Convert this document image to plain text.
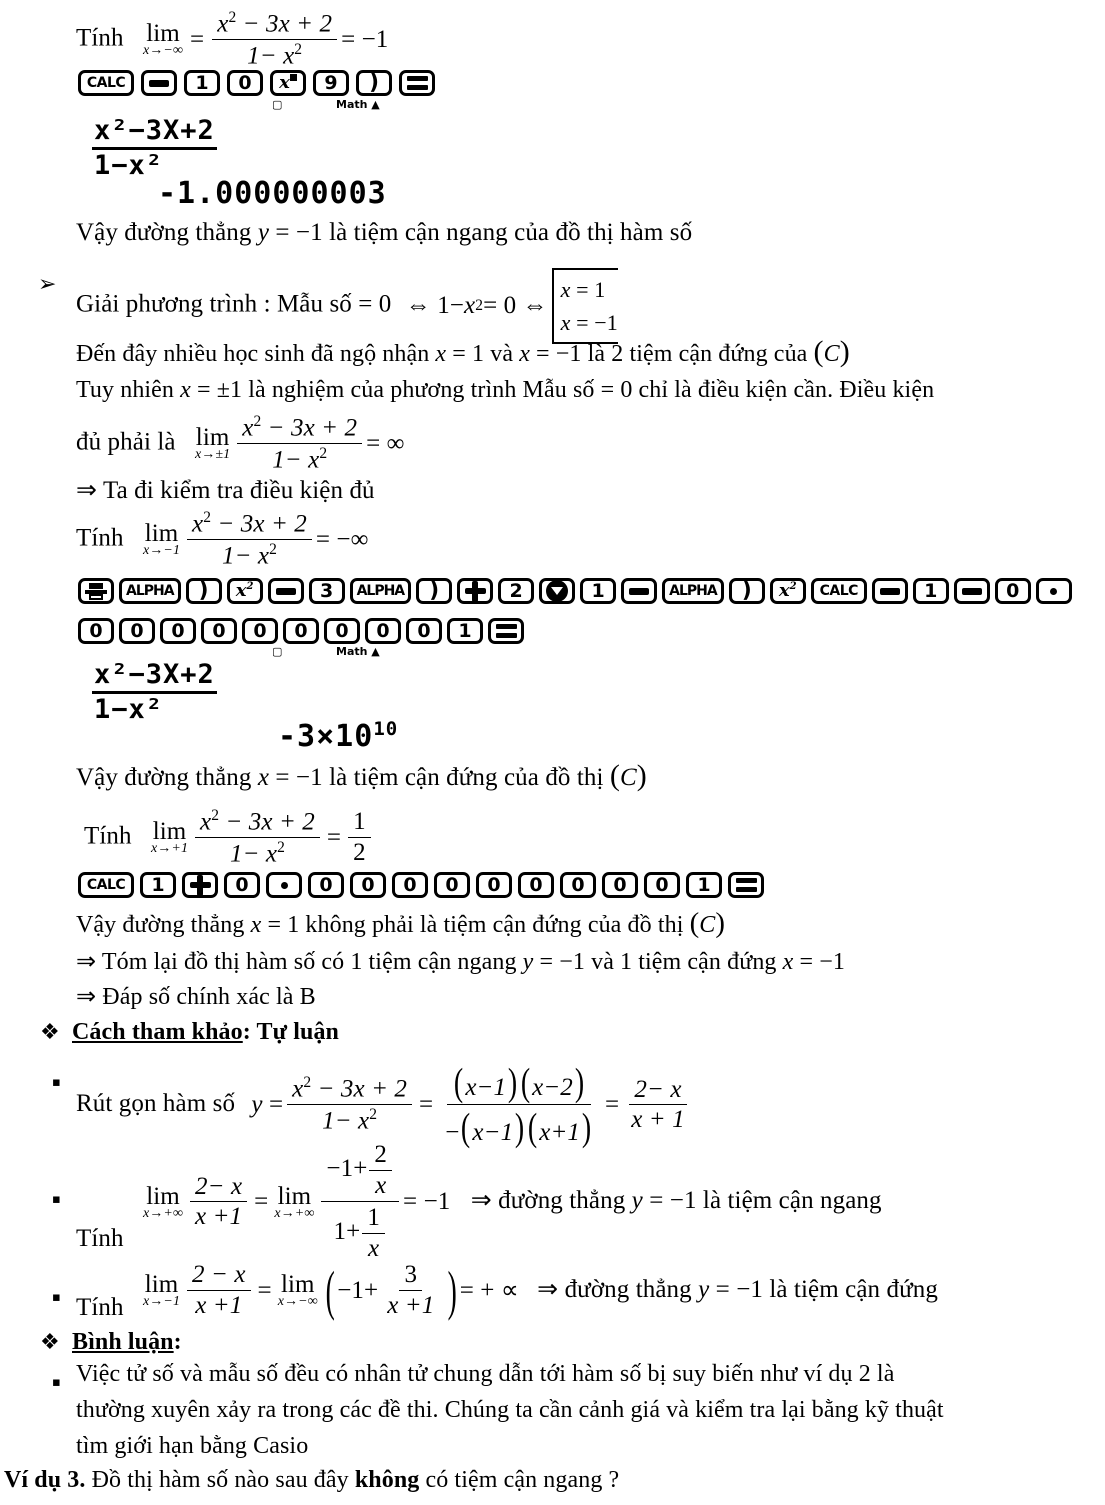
Tính lim
$x\to-\infty = \frac{x^2 - 3x + 2}{1- x^2} = -1$
CALC	1	0	x	9	)
▢	Math ▲
$\frac{\text{x²−3X+2}}{\text{1−x²}}$
-1.000000003
Vậy đường thẳng y = −1 là tiệm cận ngang của đồ thị hàm số
➢
Giải phương trình : Mẫu số = 0 ⇔ 1− x 2 = 0 ⇔
x = 1
x = −1
Đến đây nhiều học sinh đã ngộ nhận x = 1 và x = −1 là 2 tiệm cận đứng của (C)
Tuy nhiên x = ±1 là nghiệm của phương trình Mẫu số = 0 chỉ là điều kiện cần. Điều kiện
đủ phải là lim
$x\to\pm 1 \frac{x^2 - 3x + 2}{1- x^2}$ = ∞
⇒ Ta đi kiểm tra điều kiện đủ
Tính lim
$x\to-1 \frac{x^2 - 3x + 2}{1- x^2}$ = −∞
ALPHA	) $x^2$	3	ALPHA	)	2	1	ALPHA	) $x^2$	CALC	1	0
0	0	0	0	0	0	0	0	0	1
▢	Math ▲
$\frac{\text{x²−3X+2}}{\text{1−x²}}$
$-3\times 10^{10}$
Vậy đường thẳng x = −1 là tiệm cận đứng của đồ thị (C)
Tính lim
$x\to+1 \frac{x^2 - 3x + 2}{1- x^2} = \frac{1}{2}$
CALC	1	0	0	0	0	0	0	0	0	0	0	1
Vậy đường thẳng x = 1 không phải là tiệm cận đứng của đồ thị (C)
⇒ Tóm lại đồ thị hàm số có 1 tiệm cận ngang y = −1 và 1 tiệm cận đứng x = −1
⇒ Đáp số chính xác là B
❖ Cách tham khảo: Tự luận
▪
Rút gọn hàm số $y = \frac{x^2 - 3x + 2}{1- x^2} = \frac{(x-1)(x-2)}{-(x-1)(x+1)} = \frac{2- x}{x + 1}$
▪
Tính
lim
$x\to+\infty \frac{2- x}{x +1} = \lim$
$x\to+\infty \frac{-1+ \frac{2}{x}}{1+ \frac{1}{x}} = -1$ ⇒ đường thẳng y = −1 là tiệm cận ngang
▪ Tính
lim
$x\to-1 \frac{2 - x}{x +1} = \lim$
x→−∞ ( $-1+ \frac{3}{x +1}$ ) = + ∝ ⇒ đường thẳng y = −1 là tiệm cận đứng
❖ Bình luận:
▪ Việc tử số và mẫu số đều có nhân tử chung dẫn tới hàm số bị suy biến như ví dụ 2 là
thường xuyên xảy ra trong các đề thi. Chúng ta cần cảnh giá và kiểm tra lại bằng kỹ thuật
tìm giới hạn bằng Casio
Ví dụ 3. Đồ thị hàm số nào sau đây không có tiệm cận ngang ?
